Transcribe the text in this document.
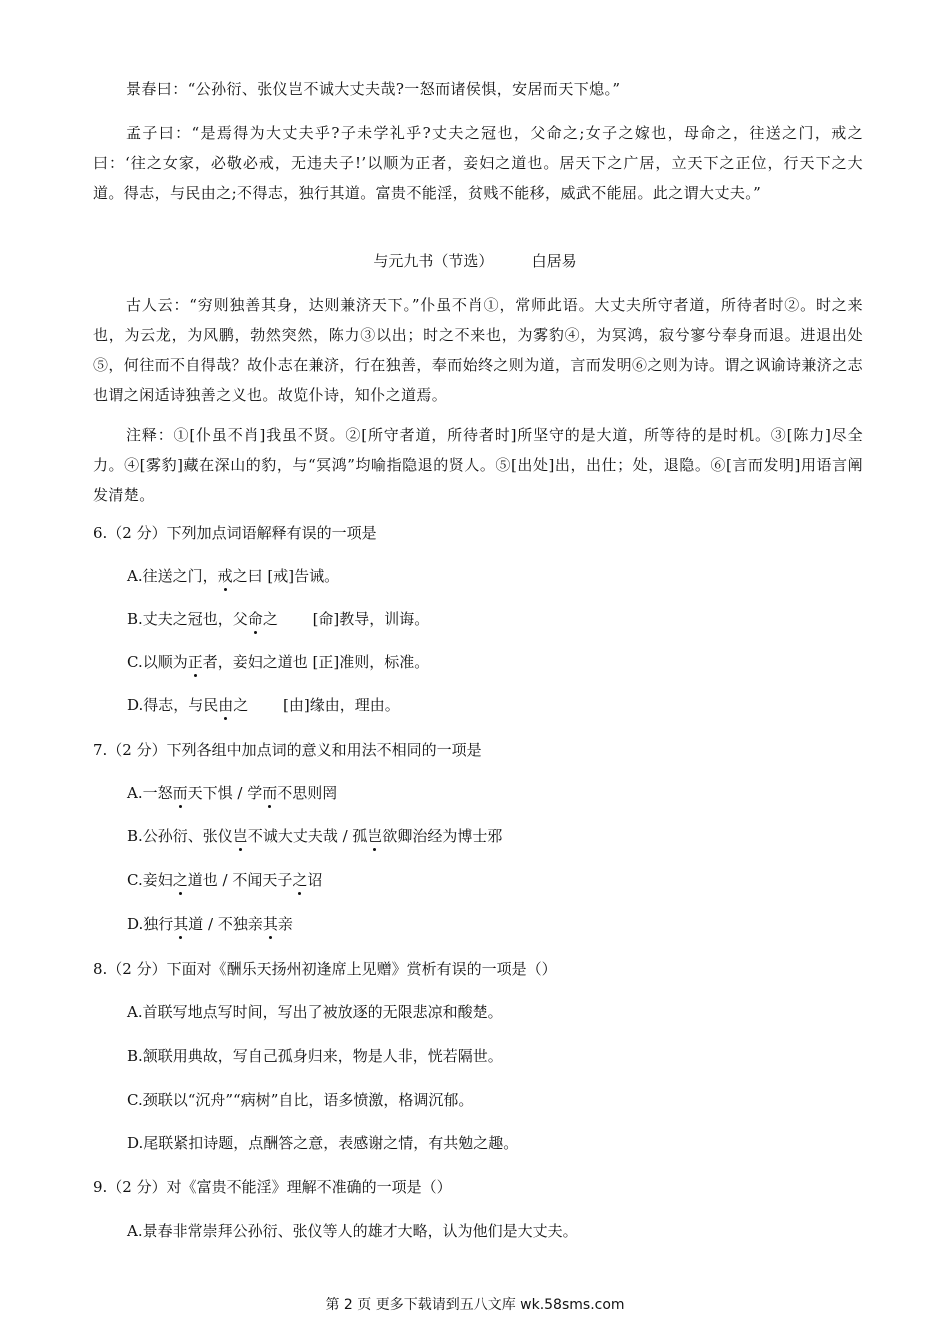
景春曰：“公孙衍、张仪岂不诚大丈夫哉?一怒而诸侯惧，安居而天下熄。”
孟子曰：“是焉得为大丈夫乎?子未学礼乎?丈夫之冠也，父命之;女子之嫁也，母命之，往送之门，戒之曰：‘往之女家，必敬必戒，无违夫子!’以顺为正者，妾妇之道也。居天下之广居，立天下之正位，行天下之大道。得志，与民由之;不得志，独行其道。富贵不能淫，贫贱不能移，威武不能屈。此之谓大丈夫。”
与元九书（节选）        白居易
古人云：“穷则独善其身，达则兼济天下。”仆虽不肖①，常师此语。大丈夫所守者道，所待者时②。时之来也，为云龙，为风鹏，勃然突然，陈力③以出；时之不来也，为雾豹④，为冥鸿，寂兮寥兮奉身而退。进退出处⑤，何往而不自得哉？故仆志在兼济，行在独善，奉而始终之则为道，言而发明⑥之则为诗。谓之讽谕诗兼济之志也谓之闲适诗独善之义也。故览仆诗，知仆之道焉。
注释：①[仆虽不肖]我虽不贤。②[所守者道，所待者时]所坚守的是大道，所等待的是时机。③[陈力]尽全力。④[雾豹]藏在深山的豹，与“冥鸿”均喻指隐退的贤人。⑤[出处]出，出仕；处，退隐。⑥[言而发明]用语言阐发清楚。
6.（2 分）下列加点词语解释有误的一项是
A.往送之门，戒之曰 [戒]告诫。
B.丈夫之冠也，父命之　　 [命]教导，训诲。
C.以顺为正者，妾妇之道也 [正]准则，标准。
D.得志，与民由之　　 [由]缘由，理由。
7.（2 分）下列各组中加点词的意义和用法不相同的一项是
A.一怒而天下惧 / 学而不思则罔
B.公孙衍、张仪岂不诚大丈夫哉 / 孤岂欲卿治经为博士邪
C.妾妇之道也 / 不闻天子之诏
D.独行其道 / 不独亲其亲
8.（2 分）下面对《酬乐天扬州初逢席上见赠》赏析有误的一项是（）
A.首联写地点写时间，写出了被放逐的无限悲凉和酸楚。
B.颔联用典故，写自己孤身归来，物是人非，恍若隔世。
C.颈联以“沉舟”“病树”自比，语多愤激，格调沉郁。
D.尾联紧扣诗题，点酬答之意，表感谢之情，有共勉之趣。
9.（2 分）对《富贵不能淫》理解不准确的一项是（）
A.景春非常崇拜公孙衍、张仪等人的雄才大略，认为他们是大丈夫。
第 2 页 更多下载请到五八文库 wk.58sms.com
